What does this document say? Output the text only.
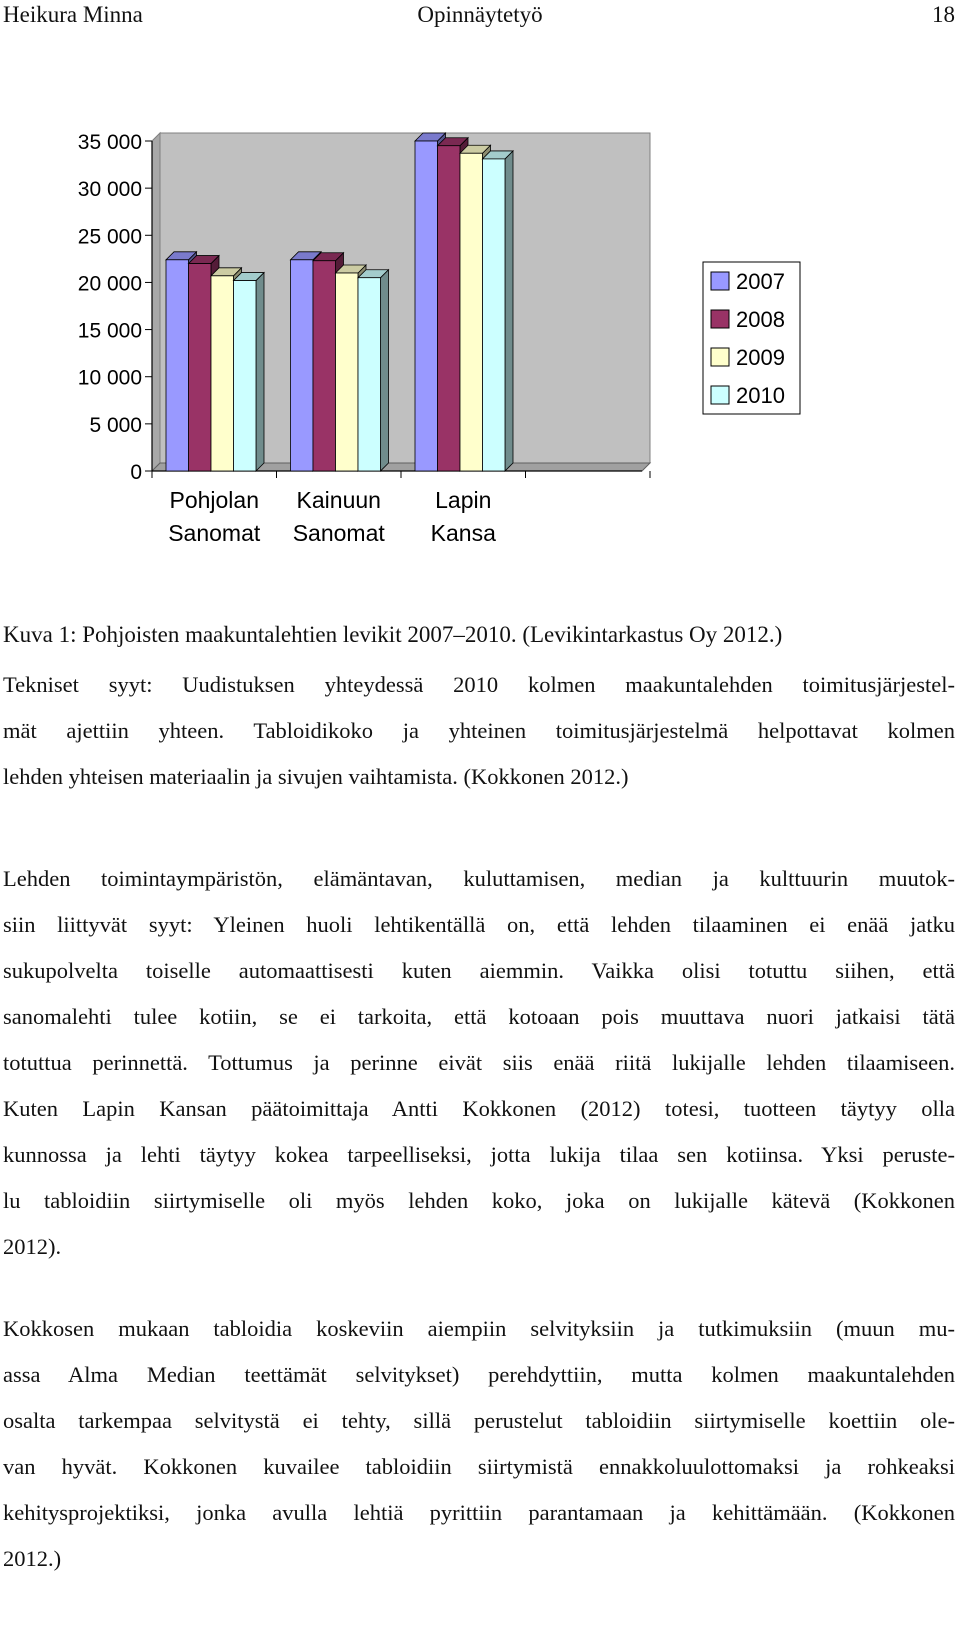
Heikura Minna	Opinnäytetyö	18
0
5 000
10 000
15 000
20 000
25 000
30 000
35 000
Pohjolan
Sanomat
Kainuun
Sanomat
Lapin
Kansa
2007
2008
2009
2010
Kuva 1: Pohjoisten maakuntalehtien levikit 2007–2010. (Levikintarkastus Oy 2012.)
Tekniset syyt: Uudistuksen yhteydessä 2010 kolmen maakuntalehden toimitusjärjestel-
mät ajettiin yhteen. Tabloidikoko ja yhteinen toimitusjärjestelmä helpottavat kolmen
lehden yhteisen materiaalin ja sivujen vaihtamista. (Kokkonen 2012.)
Lehden toimintaympäristön, elämäntavan, kuluttamisen, median ja kulttuurin muutok-
siin liittyvät syyt: Yleinen huoli lehtikentällä on, että lehden tilaaminen ei enää jatku
sukupolvelta toiselle automaattisesti kuten aiemmin. Vaikka olisi totuttu siihen, että
sanomalehti tulee kotiin, se ei tarkoita, että kotoaan pois muuttava nuori jatkaisi tätä
totuttua perinnettä. Tottumus ja perinne eivät siis enää riitä lukijalle lehden tilaamiseen.
Kuten Lapin Kansan päätoimittaja Antti Kokkonen (2012) totesi, tuotteen täytyy olla
kunnossa ja lehti täytyy kokea tarpeelliseksi, jotta lukija tilaa sen kotiinsa. Yksi peruste-
lu tabloidiin siirtymiselle oli myös lehden koko, joka on lukijalle kätevä (Kokkonen
2012).
Kokkosen mukaan tabloidia koskeviin aiempiin selvityksiin ja tutkimuksiin (muun mu-
assa Alma Median teettämät selvitykset) perehdyttiin, mutta kolmen maakuntalehden
osalta tarkempaa selvitystä ei tehty, sillä perustelut tabloidiin siirtymiselle koettiin ole-
van hyvät. Kokkonen kuvailee tabloidiin siirtymistä ennakkoluulottomaksi ja rohkeaksi
kehitysprojektiksi, jonka avulla lehtiä pyrittiin parantamaan ja kehittämään. (Kokkonen
2012.)
